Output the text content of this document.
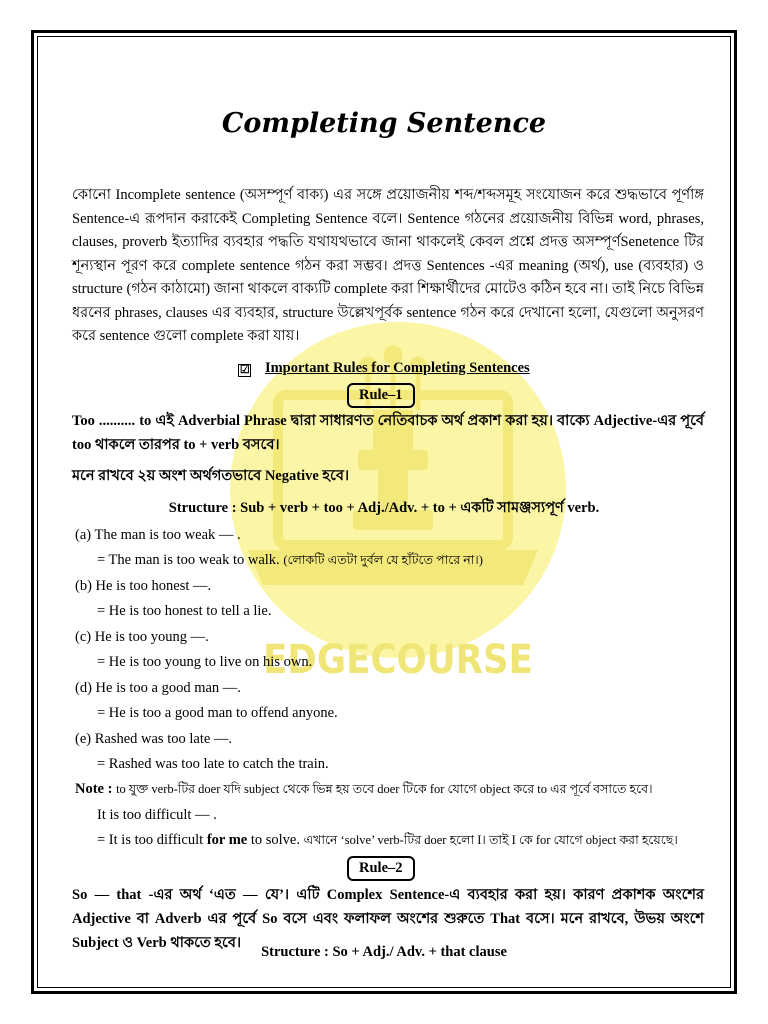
EDGECOURSE
Completing Sentence
কোনো Incomplete sentence (অসম্পূর্ণ বাক্য) এর সঙ্গে প্রয়োজনীয় শব্দ/শব্দসমূহ সংযোজন করে শুদ্ধভাবে পূর্ণাঙ্গ Sentence-এ রূপদান করাকেই Completing Sentence বলে। Sentence গঠনের প্রয়োজনীয় বিভিন্ন word, phrases, clauses, proverb ইত্যাদির ব্যবহার পদ্ধতি যথাযথভাবে জানা থাকলেই কেবল প্রশ্নে প্রদত্ত অসম্পূর্ণSenetence টির শূন্যস্থান পূরণ করে complete sentence গঠন করা সম্ভব। প্রদত্ত Sentences -এর meaning (অর্থ), use (ব্যবহার) ও structure (গঠন কাঠামো) জানা থাকলে বাক্যটি complete করা শিক্ষার্থীদের মোটেও কঠিন হবে না। তাই নিচে বিভিন্ন ধরনের phrases, clauses এর ব্যবহার, structure উল্লেখপূর্বক sentence গঠন করে দেখানো হলো, যেগুলো অনুসরণ করে sentence গুলো complete করা যায়।
☑ Important Rules for Completing Sentences
Rule–1
Too .......... to এই Adverbial Phrase দ্বারা সাধারণত নেতিবাচক অর্থ প্রকাশ করা হয়। বাক্যে Adjective-এর পূর্বে too থাকলে তারপর to + verb বসবে।
মনে রাখবে ২য় অংশ অর্থগতভাবে Negative হবে।
Structure : Sub + verb + too + Adj./Adv. + to + একটি সামঞ্জস্যপূর্ণ verb.
(a) The man is too weak — .
= The man is too weak to walk. (লোকটি এতটা দুর্বল যে হাঁটতে পারে না।)
(b) He is too honest —.
= He is too honest to tell a lie.
(c) He is too young —.
= He is too young to live on his own.
(d) He is too a good man —.
= He is too a good man to offend anyone.
(e) Rashed was too late —.
= Rashed was too late to catch the train.
Note : to যুক্ত verb-টির doer যদি subject থেকে ভিন্ন হয় তবে doer টিকে for যোগে object করে to এর পূর্বে বসাতে হবে।
It is too difficult — .
= It is too difficult for me to solve. এখানে ‘solve’ verb-টির doer হলো I। তাই I কে for যোগে object করা হয়েছে।
Rule–2
So — that -এর অর্থ ‘এত — যে’। এটি Complex Sentence-এ ব্যবহার করা হয়। কারণ প্রকাশক অংশের Adjective বা Adverb এর পূর্বে So বসে এবং ফলাফল অংশের শুরুতে That বসে। মনে রাখবে, উভয় অংশে Subject ও Verb থাকতে হবে।
Structure : So + Adj./ Adv. + that clause
